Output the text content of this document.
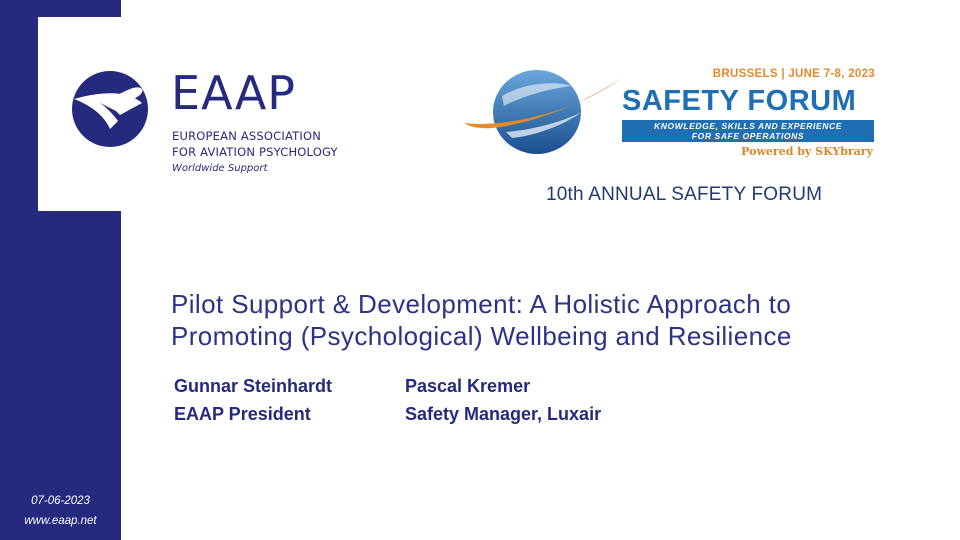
07-06-2023
www.eaap.net
EAAP
EUROPEAN ASSOCIATION
FOR AVIATION PSYCHOLOGY
Worldwide Support
BRUSSELS | JUNE 7-8, 2023
SAFETY FORUM
KNOWLEDGE, SKILLS AND EXPERIENCE
FOR SAFE OPERATIONS
Powered by SKYbrary
10th ANNUAL SAFETY FORUM
Pilot Support & Development: A Holistic Approach to
Promoting (Psychological) Wellbeing and Resilience
Gunnar Steinhardt
EAAP President
Pascal Kremer
Safety Manager, Luxair
